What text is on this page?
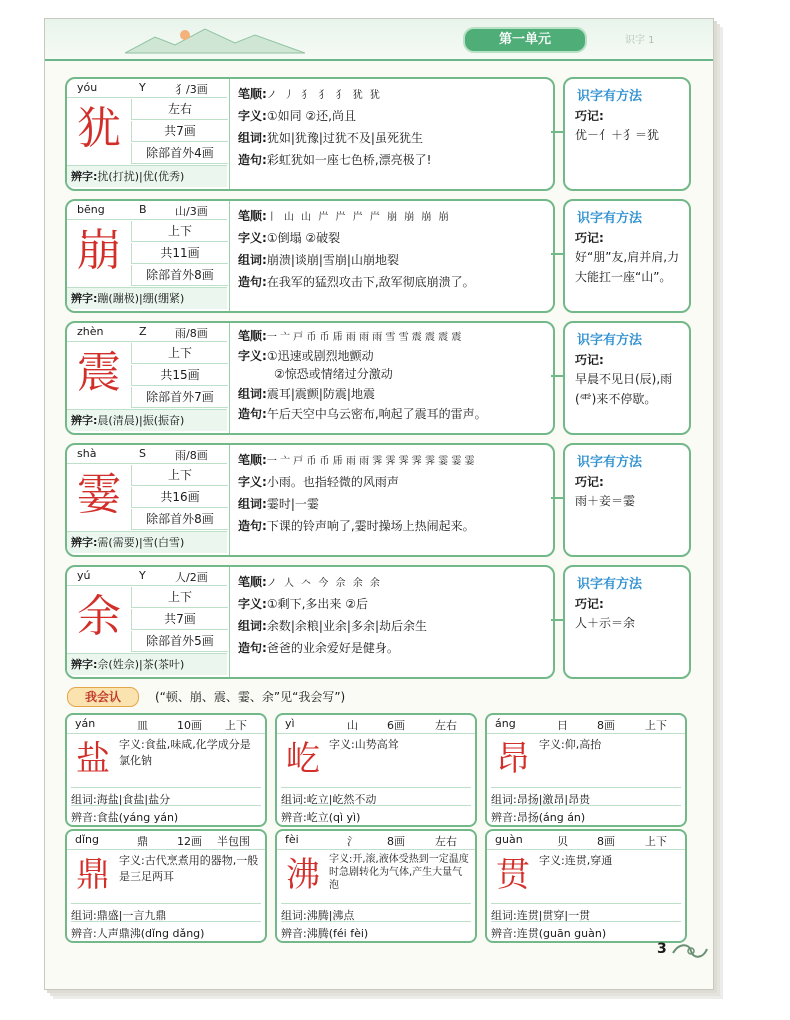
第一单元	识字 1
yóu	Y	犭/3画
犹	左右
共7画
除部首外4画
辨字:扰(打扰)|优(优秀)
笔顺:ノ 丿 犭 犭 犭 犹 犹
字义:①如同 ②还,尚且
组词:犹如|犹豫|过犹不及|虽死犹生
造句:彩虹犹如一座七色桥,漂亮极了!
识字有方法
巧记:
优－亻＋犭＝犹
bēng	B	山/3画
崩	上下
共11画
除部首外8画
辨字:蹦(蹦极)|绷(绷紧)
笔顺:丨 山 山 屵 屵 屵 屵 崩 崩 崩 崩
字义:①倒塌 ②破裂
组词:崩溃|谈崩|雪崩|山崩地裂
造句:在我军的猛烈攻击下,敌军彻底崩溃了。
识字有方法
巧记:
好“朋”友,肩并肩,力大能扛一座“山”。
zhèn	Z	雨/8画
震	上下
共15画
除部首外7画
辨字:晨(清晨)|振(振奋)
笔顺:一 亠 戸 币 币 乕 雨 雨 雨 雪 雪 震 震 震 震
字义:①迅速或剧烈地颤动
②惊恐或情绪过分激动
组词:震耳|震颤|防震|地震
造句:午后天空中乌云密布,响起了震耳的雷声。
识字有方法
巧记:
早晨不见日(辰),雨(⻗)来不停歇。
shà	S	雨/8画
霎	上下
共16画
除部首外8画
辨字:需(需要)|雪(白雪)
笔顺:一 亠 戸 币 币 乕 雨 雨 霁 霁 霁 霁 霁 霎 霎 霎
字义:小雨。也指轻微的风雨声
组词:霎时|一霎
造句:下课的铃声响了,霎时操场上热闹起来。
识字有方法
巧记:
雨＋妾＝霎
yú	Y	人/2画
余	上下
共7画
除部首外5画
辨字:佘(姓佘)|茶(茶叶)
笔顺:ノ 人 𠆢 今 佘 余 余
字义:①剩下,多出来 ②后
组词:余数|余粮|业余|多余|劫后余生
造句:爸爸的业余爱好是健身。
识字有方法
巧记:
人＋示＝余
我会认	(“顿、崩、震、霎、余”见“我会写”)
yán	皿	10画 上下
盐 字义:食盐,味咸,化学成分是氯化钠
组词:海盐|食盐|盐分
辨音:食盐(yáng yán)
yì	山	6画	左右
屹 字义:山势高耸
组词:屹立|屹然不动
辨音:屹立(qì yì)
áng	日	8画	上下
昂 字义:仰,高抬
组词:昂扬|激昂|昂贵
辨音:昂扬(áng án)
dǐng	鼎	12画 半包围
鼎 字义:古代烹煮用的器物,一般是三足两耳
组词:鼎盛|一言九鼎
辨音:人声鼎沸(dǐng dǎng)
fèi	氵	8画	左右
沸 字义:开,滚,液体受热到一定温度时急剧转化为气体,产生大量气泡
组词:沸腾|沸点
辨音:沸腾(féi fèi)
guàn	贝	8画	上下
贯 字义:连贯,穿通
组词:连贯|贯穿|一贯
辨音:连贯(guān guàn)
3
